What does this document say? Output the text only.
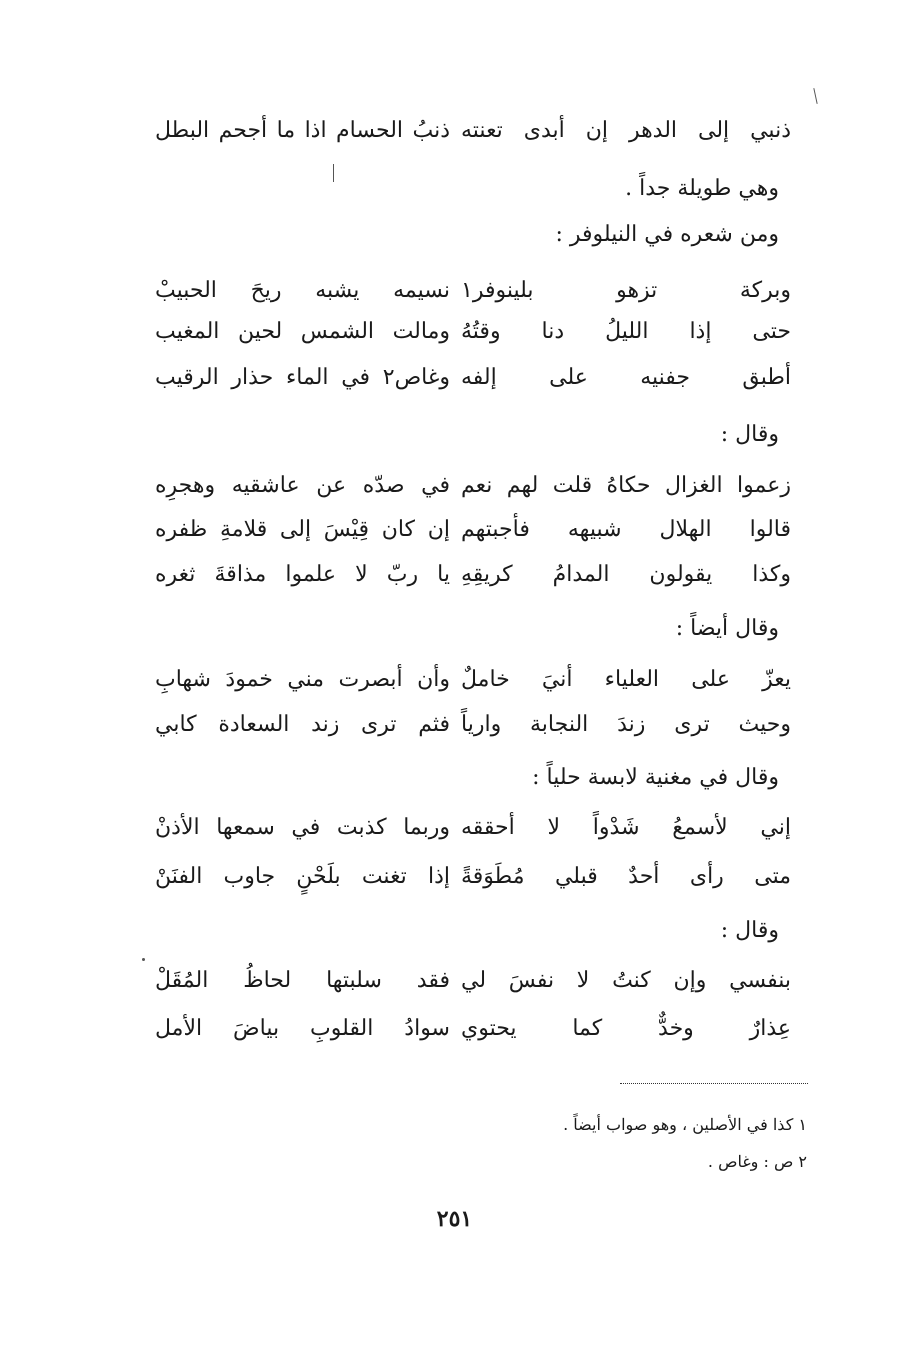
ذنبي إلى الدهر إن أبدى تعنته
ذنبُ الحسام اذا ما أجحم البطل
وهي طويلة جداً .
ومن شعره في النيلوفر :
وبركة تزهو بلينوفر١
نسيمه يشبه ريحَ الحبيبْ
حتى إذا الليلُ دنا وقتُهُ
ومالت الشمس لحين المغيب
أطبق جفنيه على إلفه
وغاص٢ في الماء حذار الرقيب
وقال :
زعموا الغزال حكاهُ قلت لهم نعم
في صدّه عن عاشقيه وهجرِه
قالوا الهلال شبيهه فأجبتهم
إن كان قِيْسَ إلى قلامةِ ظفره
وكذا يقولون المدامُ كريقِهِ
يا ربّ لا علموا مذاقةَ ثغره
وقال أيضاً :
يعزّ على العلياء أنيَ خاملٌ
وأن أبصرت مني خمودَ شهابِ
وحيث ترى زندَ النجابة وارياً
فثم ترى زند السعادة كابي
وقال في مغنية لابسة حلياً :
إني لأسمعُ شَدْواً لا أحققه
وربما كذبت في سمعها الأذنْ
متى رأى أحدٌ قبلي مُطَوَقةً
إذا تغنت بلَحْنٍ جاوب الفنَنْ
وقال :
بنفسي وإن كنتُ لا نفسَ لي
فقد سلبتها لحاظُ المُقَلْ
عِذارٌ وخدٌّ كما يحتوي
سوادُ القلوبِ بياضَ الأمل
١ كذا في الأصلين ، وهو صواب أيضاً .
٢ ص : وغاص .
٢٥١
